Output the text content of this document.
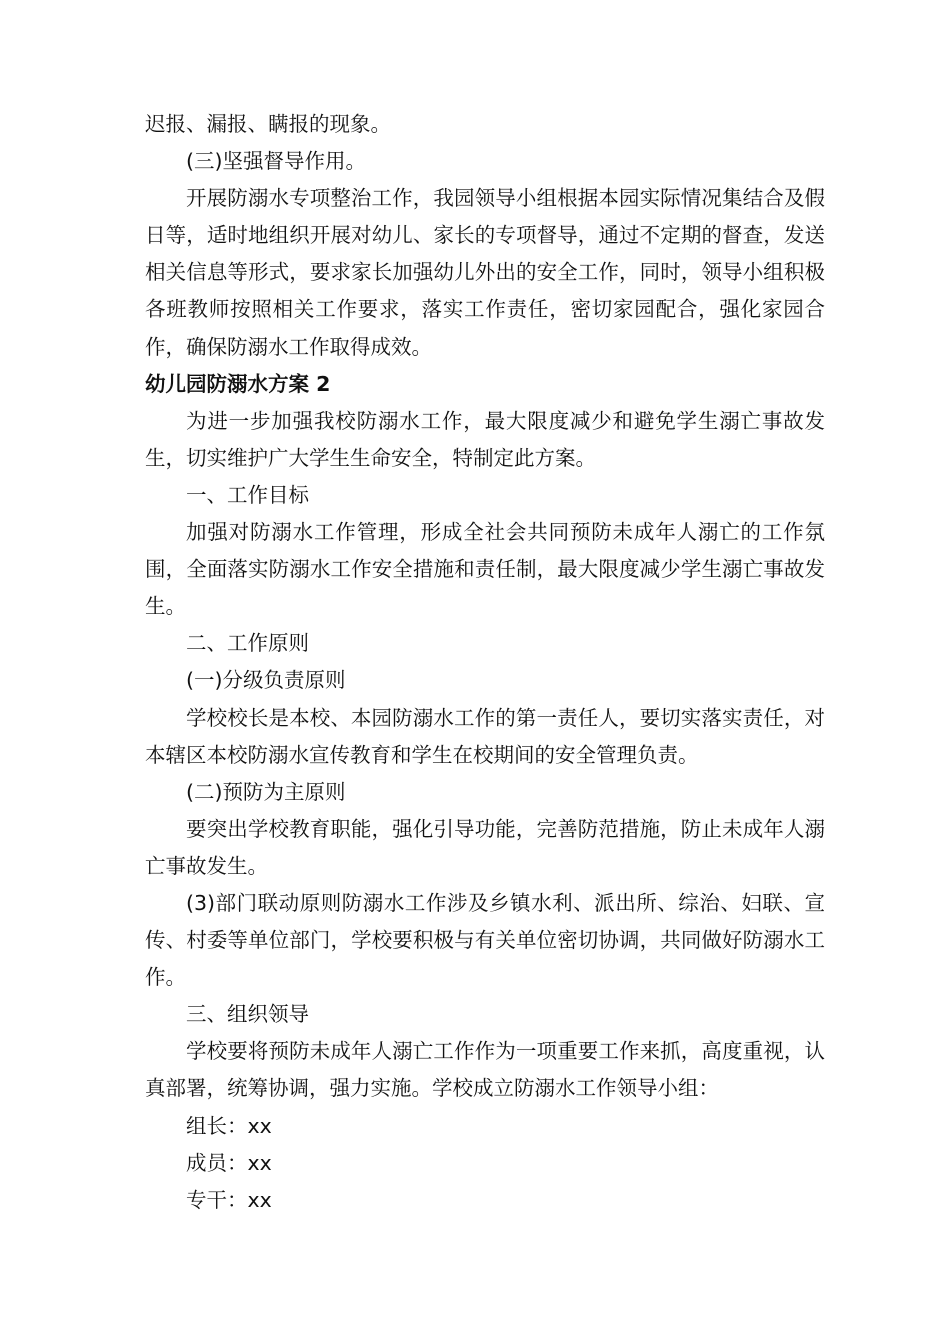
迟报、漏报、瞒报的现象。

(三)坚强督导作用。

开展防溺水专项整治工作，我园领导小组根据本园实际情况集结合及假日等，适时地组织开展对幼儿、家长的专项督导，通过不定期的督查，发送相关信息等形式，要求家长加强幼儿外出的安全工作，同时，领导小组积极各班教师按照相关工作要求，落实工作责任，密切家园配合，强化家园合作，确保防溺水工作取得成效。

幼儿园防溺水方案 2

为进一步加强我校防溺水工作，最大限度减少和避免学生溺亡事故发生，切实维护广大学生生命安全，特制定此方案。

一、工作目标

加强对防溺水工作管理，形成全社会共同预防未成年人溺亡的工作氛围，全面落实防溺水工作安全措施和责任制，最大限度减少学生溺亡事故发生。

二、工作原则

(一)分级负责原则

学校校长是本校、本园防溺水工作的第一责任人，要切实落实责任，对本辖区本校防溺水宣传教育和学生在校期间的安全管理负责。

(二)预防为主原则

要突出学校教育职能，强化引导功能，完善防范措施，防止未成年人溺亡事故发生。

(3)部门联动原则防溺水工作涉及乡镇水利、派出所、综治、妇联、宣传、村委等单位部门，学校要积极与有关单位密切协调，共同做好防溺水工作。

三、组织领导

学校要将预防未成年人溺亡工作作为一项重要工作来抓，高度重视，认真部署，统筹协调，强力实施。学校成立防溺水工作领导小组：

组长：xx

成员：xx

专干：xx
